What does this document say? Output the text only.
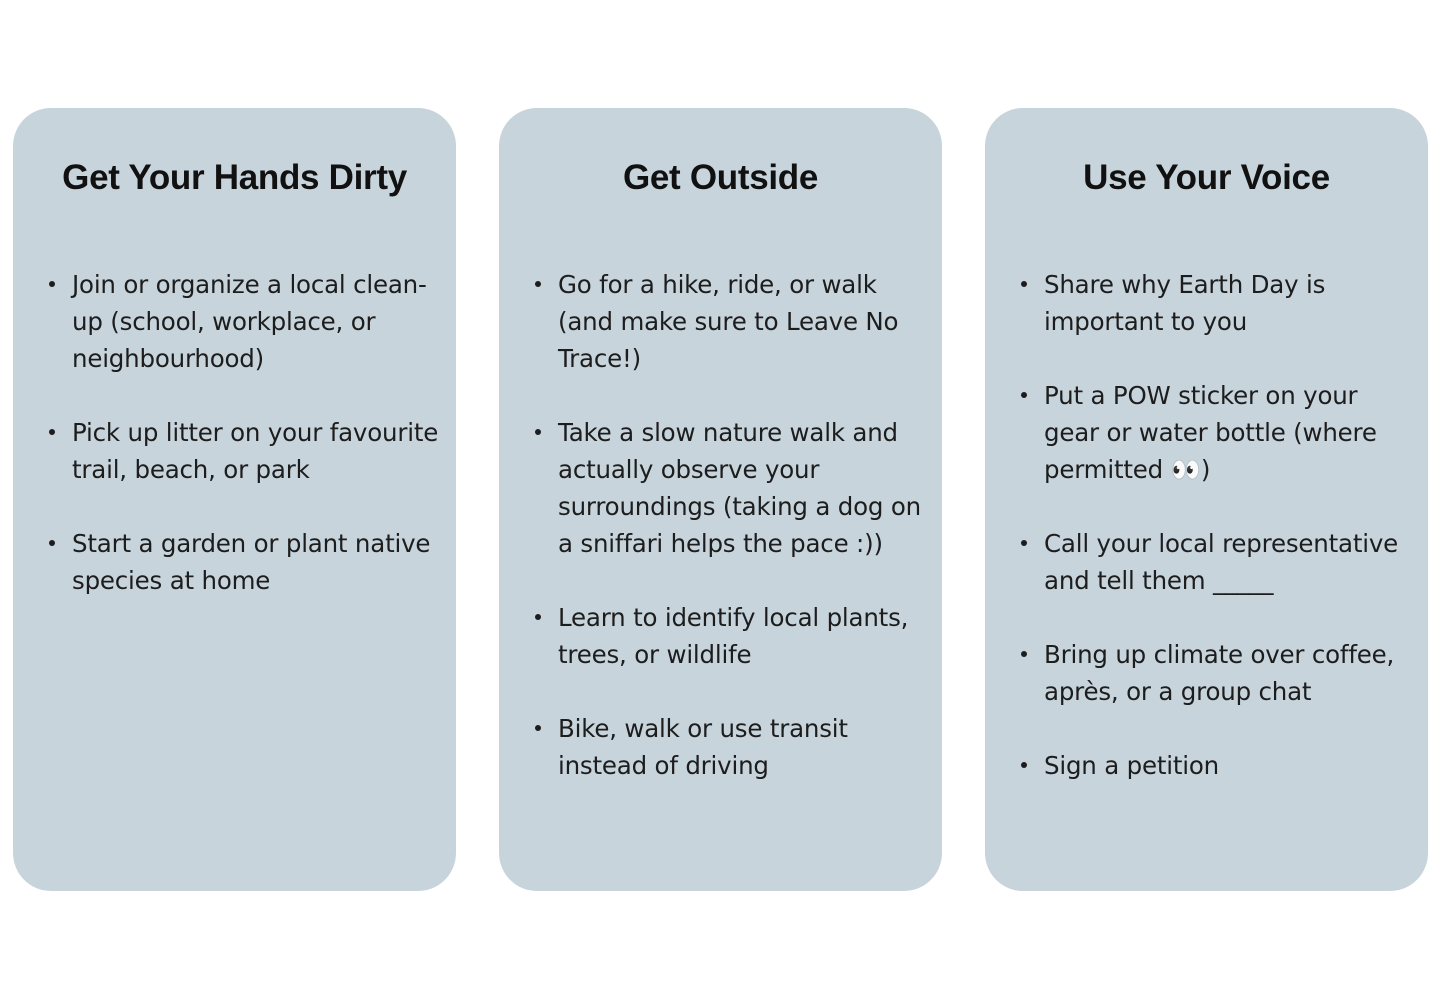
Get Your Hands Dirty
Join or organize a local clean-up (school, workplace, or neighbourhood)
Pick up litter on your favourite trail, beach, or park
Start a garden or plant native species at home
Get Outside
Go for a hike, ride, or walk (and make sure to Leave No Trace!)
Take a slow nature walk and actually observe your surroundings (taking a dog on a sniffari helps the pace :))
Learn to identify local plants, trees, or wildlife
Bike, walk or use transit instead of driving
Use Your Voice
Share why Earth Day is important to you
Put a POW sticker on your gear or water bottle (where permitted 👀)
Call your local representative and tell them _____
Bring up climate over coffee, après, or a group chat
Sign a petition
